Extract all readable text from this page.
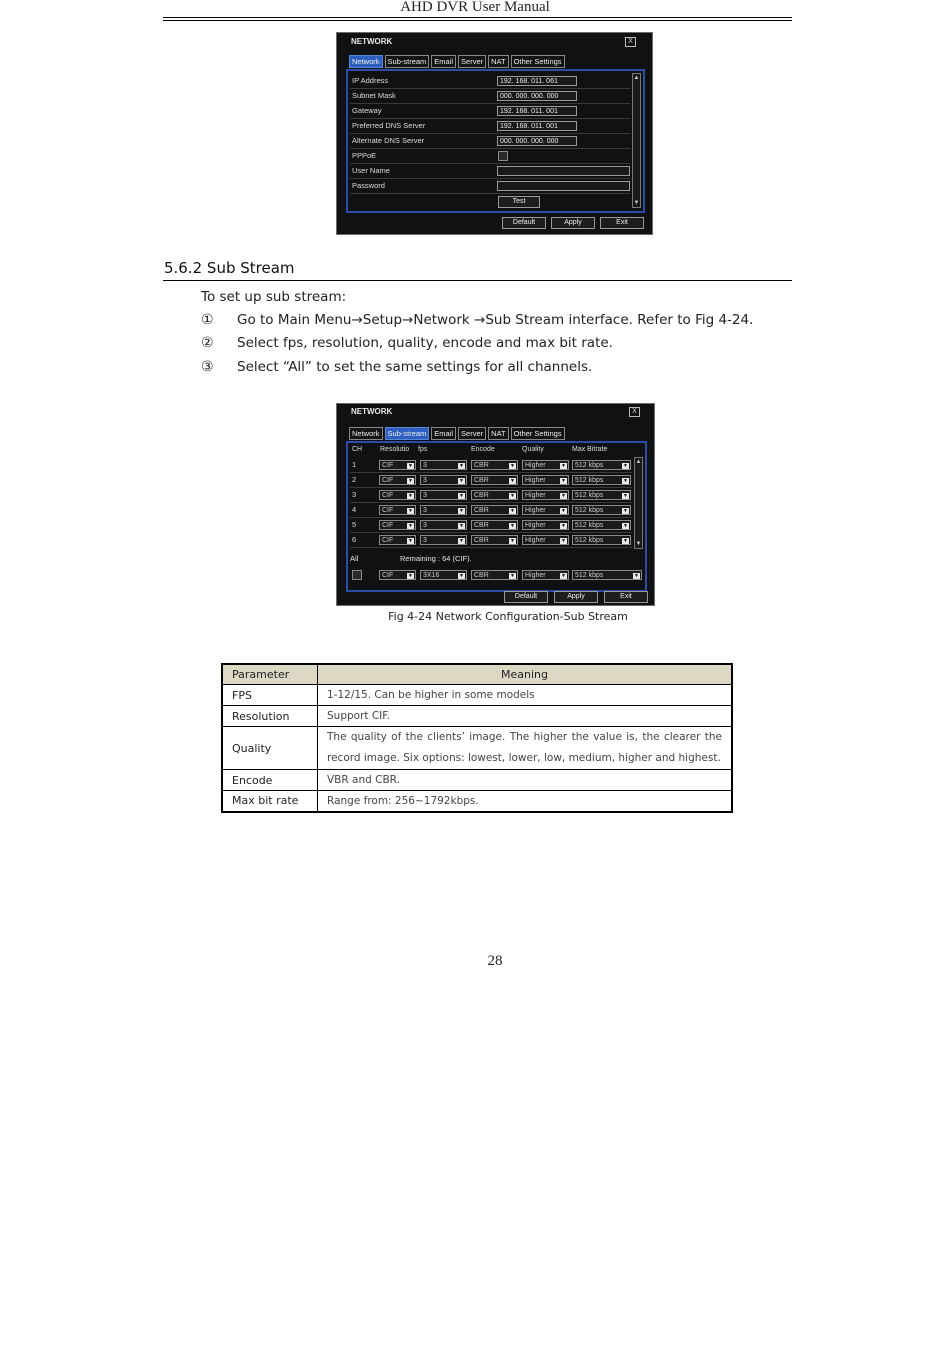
AHD DVR User Manual
NETWORK	X
Network	Sub-stream	Email	Server	NAT	Other Settings
IP Address	192. 168. 011. 061
Subnet Mask	000. 000. 000. 000
Gateway	192. 168. 011. 001
Preferred DNS Server	192. 168. 011. 001
Alternate DNS Server	000. 000. 000. 000
PPPoE
User Name
Password
Test
▲
▼
Default	Apply	Exit
5.6.2 Sub Stream
To set up sub stream:
① Go to Main Menu→Setup→Network →Sub Stream interface. Refer to Fig 4-24.
② Select fps, resolution, quality, encode and max bit rate.
③ Select “All” to set the same settings for all channels.
NETWORK	X
Network	Sub-stream	Email	Server	NAT	Other Settings
CH	Resolutio fps	Encode	Quality	Max Bitrate
1	CIF	▼	3	▼	CBR	▼	Higher	▼	512 kbps	▼
2	CIF	▼	3	▼	CBR	▼	Higher	▼	512 kbps	▼
3	CIF	▼	3	▼	CBR	▼	Higher	▼	512 kbps	▼
4	CIF	▼	3	▼	CBR	▼	Higher	▼	512 kbps	▼
5	CIF	▼	3	▼	CBR	▼	Higher	▼	512 kbps	▼
6	CIF	▼	3	▼	CBR	▼	Higher	▼	512 kbps	▼
▲
▼
All	Remaining : 64 (CIF).
CIF	▼	3X16	▼	CBR	▼	Higher	▼	512 kbps	▼
Default	Apply	Exit
Fig 4-24 Network Configuration-Sub Stream
Parameter	Meaning
FPS	1-12/15. Can be higher in some models
Resolution	Support CIF.
Quality	The quality of the clients’ image. The higher the value is, the clearer the record image. Six options: lowest, lower, low, medium, higher and highest.
Encode	VBR and CBR.
Max bit rate	Range from: 256~1792kbps.
28
